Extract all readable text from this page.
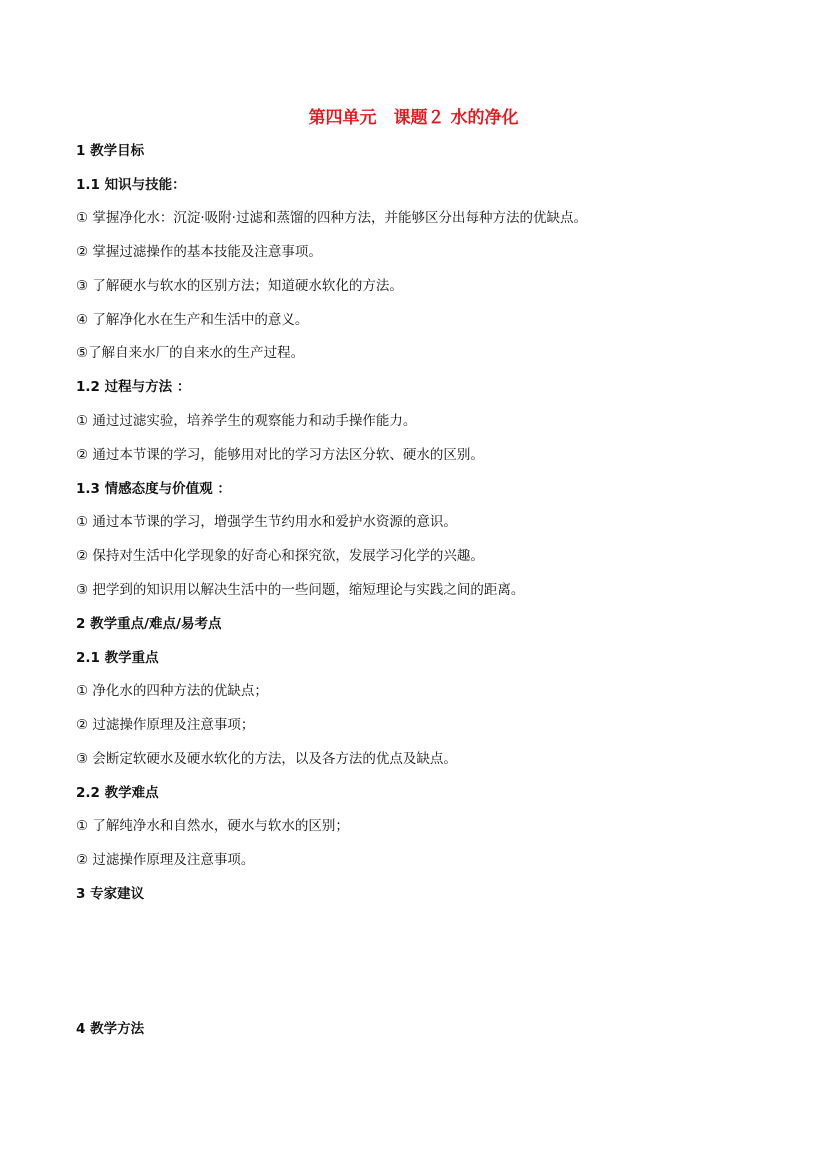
第四单元　课题２ 水的净化
1 教学目标
1.1 知识与技能：
① 掌握净化水：沉淀·吸附·过滤和蒸馏的四种方法，并能够区分出每种方法的优缺点。
② 掌握过滤操作的基本技能及注意事项。
③ 了解硬水与软水的区别方法；知道硬水软化的方法。
④ 了解净化水在生产和生活中的意义。
⑤了解自来水厂的自来水的生产过程。
1.2 过程与方法 ：
① 通过过滤实验，培养学生的观察能力和动手操作能力。
② 通过本节课的学习，能够用对比的学习方法区分软、硬水的区别。
1.3 情感态度与价值观 ：
① 通过本节课的学习，增强学生节约用水和爱护水资源的意识。
② 保持对生活中化学现象的好奇心和探究欲，发展学习化学的兴趣。
③ 把学到的知识用以解决生活中的一些问题，缩短理论与实践之间的距离。
2 教学重点/难点/易考点
2.1 教学重点
① 净化水的四种方法的优缺点；
② 过滤操作原理及注意事项；
③ 会断定软硬水及硬水软化的方法，以及各方法的优点及缺点。
2.2 教学难点
① 了解纯净水和自然水，硬水与软水的区别；
② 过滤操作原理及注意事项。
3 专家建议
4 教学方法
